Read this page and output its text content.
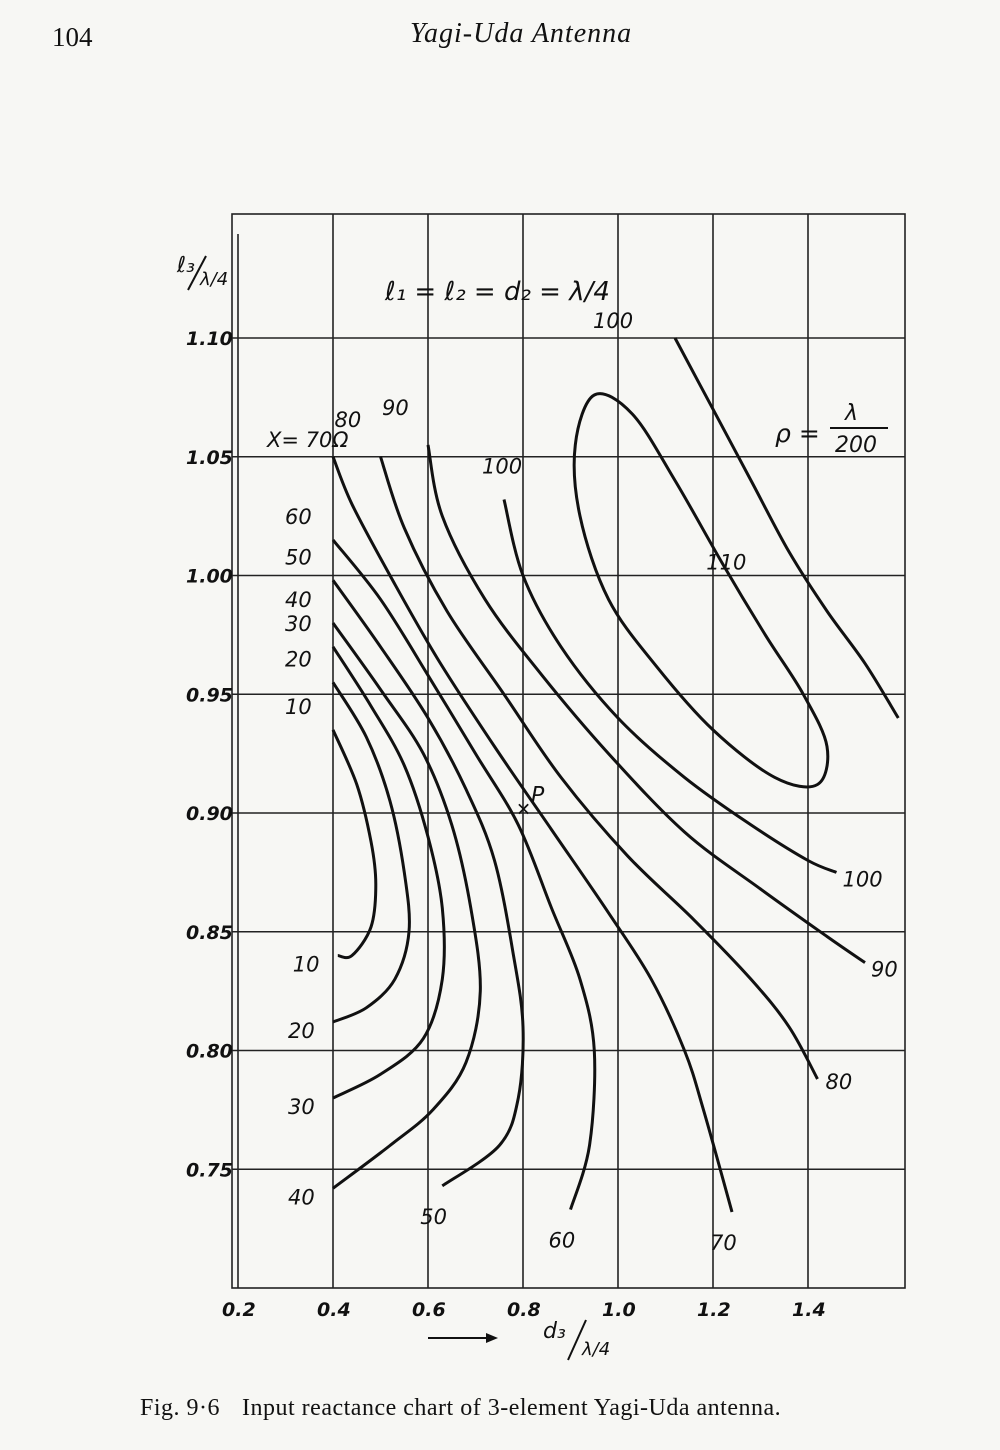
104	Yagi-Uda Antenna
10
10
20
20
30
30
40
40
50
50
60
60
X= 70Ω
70
80
80
90
90
100
100
100
110
0.2	0.4	0.6	0.8	1.0	1.2	1.4
0.75
0.80
0.85
0.90
0.95
1.00
1.05
1.10
ℓ₁ = ℓ₂ = d₂ = λ/4
ρ =
λ
200
ℓ₃
λ/4
d₃
λ/4
✕
P
Fig. 9·6 Input reactance chart of 3-element Yagi-Uda antenna.
